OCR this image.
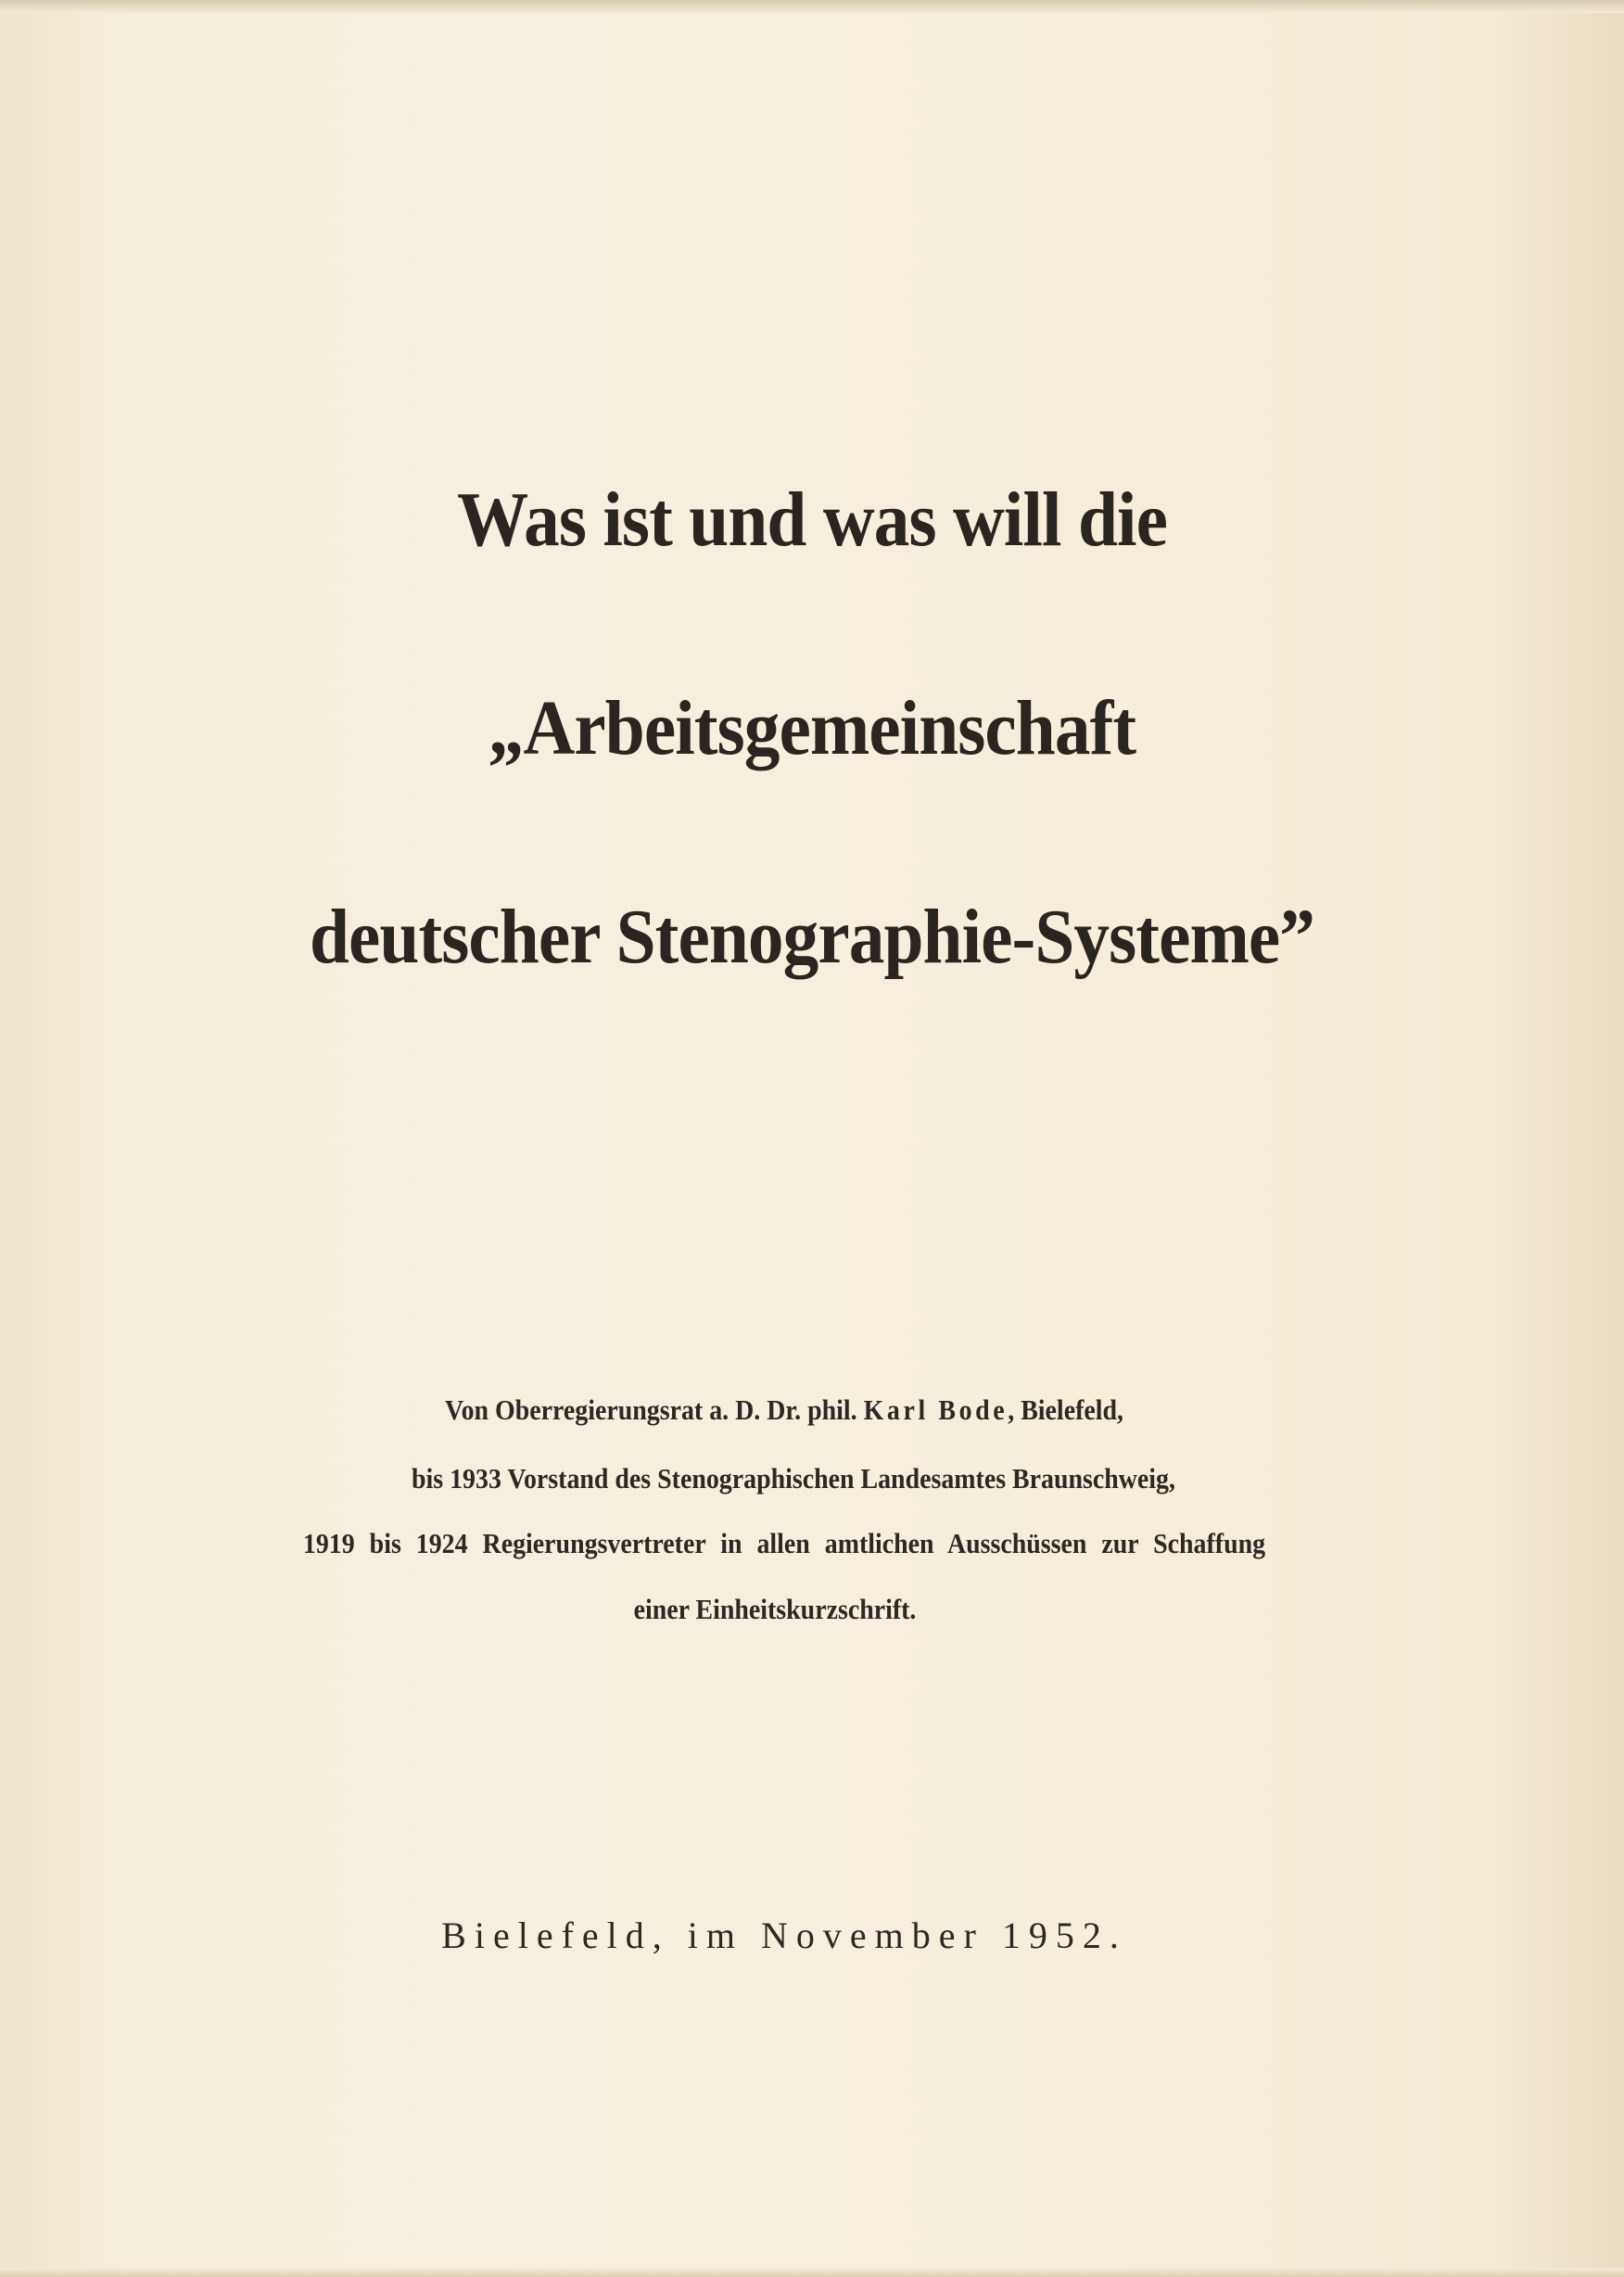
Was ist und was will die
„Arbeitsgemeinschaft
deutscher Stenographie-Systeme”
Von Oberregierungsrat a. D. Dr. phil. Karl Bode, Bielefeld,
bis 1933 Vorstand des Stenographischen Landesamtes Braunschweig,
1919 bis 1924 Regierungsvertreter in allen amtlichen Ausschüssen zur Schaffung
einer Einheitskurzschrift.
Bielefeld, im November 1952.
